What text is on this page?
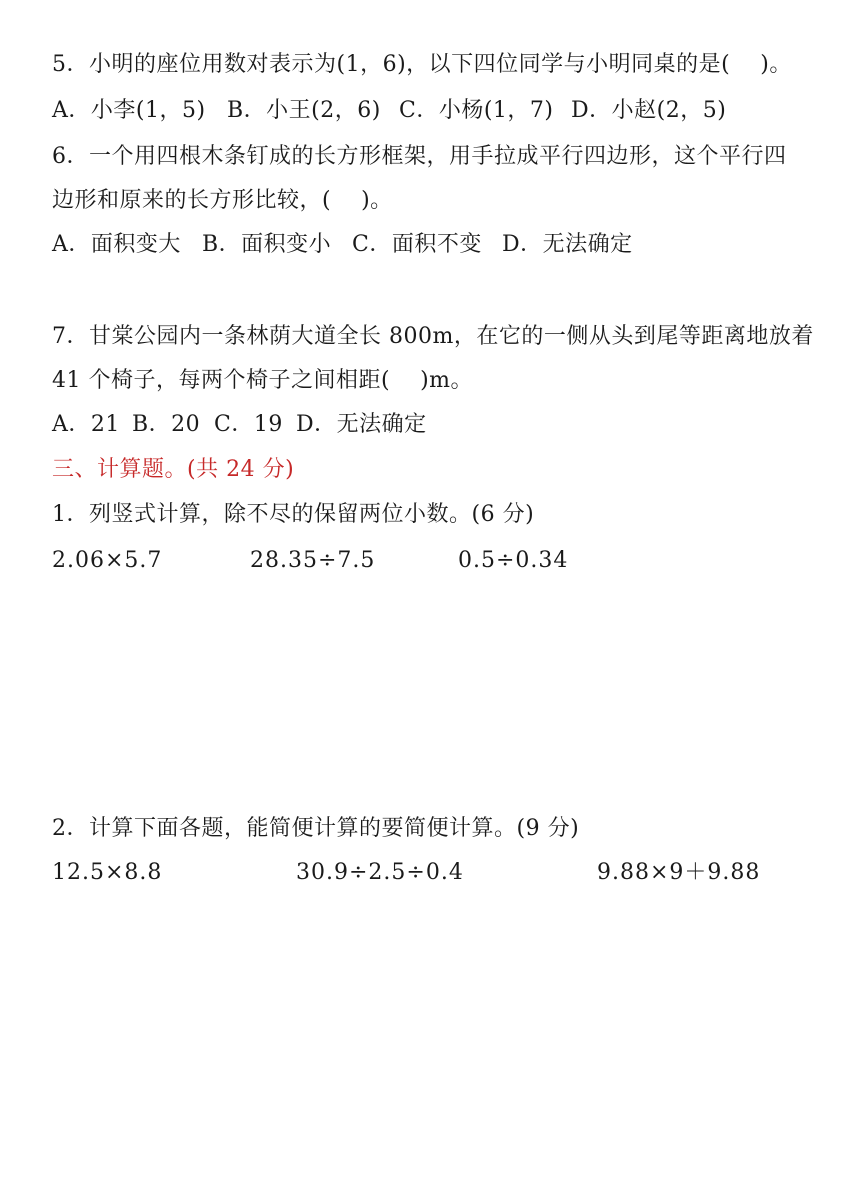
5．小明的座位用数对表示为(1，6)，以下四位同学与小明同桌的是(　 )。
A．小李(1，5) B．小王(2，6) C．小杨(1，7) D．小赵(2，5)
6．一个用四根木条钉成的长方形框架，用手拉成平行四边形，这个平行四
边形和原来的长方形比较，(　 )。
A．面积变大 B．面积变小 C．面积不变 D．无法确定
7．甘棠公园内一条林荫大道全长 800m，在它的一侧从头到尾等距离地放着
41 个椅子，每两个椅子之间相距(　 )m。
A．21 B．20 C．19 D．无法确定
三、计算题。(共 24 分)
1．列竖式计算，除不尽的保留两位小数。(6 分)
2.06×5.7	28.35÷7.5	0.5÷0.34
2．计算下面各题，能简便计算的要简便计算。(9 分)
12.5×8.8	30.9÷2.5÷0.4	9.88×9＋9.88
